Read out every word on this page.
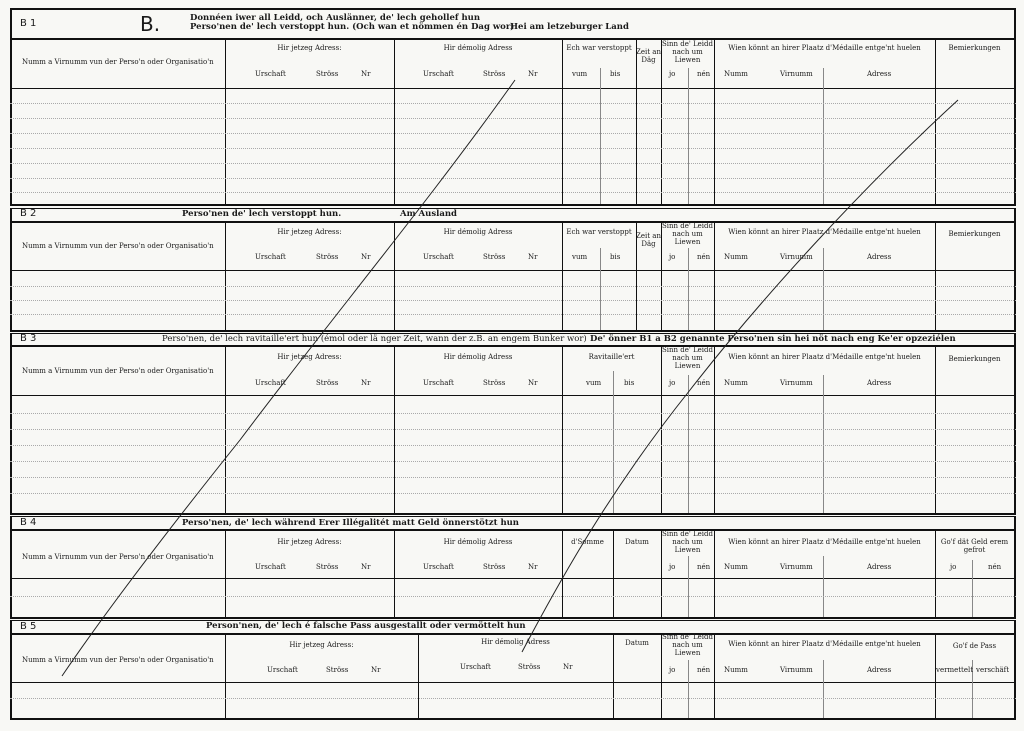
B 1	B.	Donnéen iwer all Leidd, och Auslänner, de' lech gehollef hun
Perso'nen de' lech verstoppt hun. (Och wan et nömmen én Dag wor)
Hei am letzeburger Land
Numm a Virnumm vun der Perso'n oder Organisatio'n
Hir jetzeg Adress:
Urschaft	Ströss	Nr
Hir démolig Adress
Urschaft	Ströss	Nr
Ech war verstoppt
vum	bis
Zeit an Däg
Sinn de' Leidd nach um Liewen
jo	nén
Wien könnt an hirer Plaatz d'Médaille entge'nt huelen
Numm	Virnumm	Adress
Bemierkungen
B 2	Perso'nen de' lech verstoppt hun.	Am Ausland
Numm a Virnumm vun der Perso'n oder Organisatio'n
Hir jetzeg Adress:
Urschaft	Ströss	Nr
Hir démolig Adress
Urschaft	Ströss	Nr
Ech war verstoppt
vum	bis
Zeit an Däg
Sinn de' Leidd nach um Liewen
jo	nén
Wien könnt an hirer Plaatz d'Médaille entge'nt huelen
Numm	Virnumm	Adress
Bemierkungen
B 3	Perso'nen, de' lech ravitaille'ert hun (émol oder lä nger Zeit, wann der z.B. an engem Bunker wor) De' önner B1 a B2 genannte Perso'nen sin hei nöt nach eng Ke'er opzeziélen
Numm a Virnumm vun der Perso'n oder Organisatio'n
Hir jetzeg Adress:
Urschaft	Ströss	Nr
Hir démolig Adress
Urschaft	Ströss	Nr
Ravitaille'ert
vum	bis
Sinn de' Leidd nach um Liewen
jo	nén
Wien könnt an hirer Plaatz d'Médaille entge'nt huelen
Numm	Virnumm	Adress
Bemierkungen
B 4	Perso'nen, de' lech während Erer Illégalitét matt Geld önnerstötzt hun
Numm a Virnumm vun der Perso'n oder Organisatio'n
Hir jetzeg Adress:
Urschaft	Ströss	Nr
Hir démolig Adress
Urschaft	Ströss	Nr
d'Somme	Datum
Sinn de' Leidd nach um Liewen
jo	nén
Wien könnt an hirer Plaatz d'Médaille entge'nt huelen
Numm	Virnumm	Adress
Go'f dät Geld erem gefrot
jo	nén
B 5	Person'nen, de' lech é falsche Pass ausgestallt oder vermöttelt hun
Numm a Virnumm vun der Perso'n oder Organisatio'n
Hir jetzeg Adress:
Urschaft	Ströss	Nr
Hir démolig Adress
Urschaft	Ströss	Nr
Datum
Sinn de' Leidd nach um Liewen
jo	nén
Wien könnt an hirer Plaatz d'Médaille entge'nt huelen
Numm	Virnumm	Adress
Go'f de Pass
vermettelt verschäft
